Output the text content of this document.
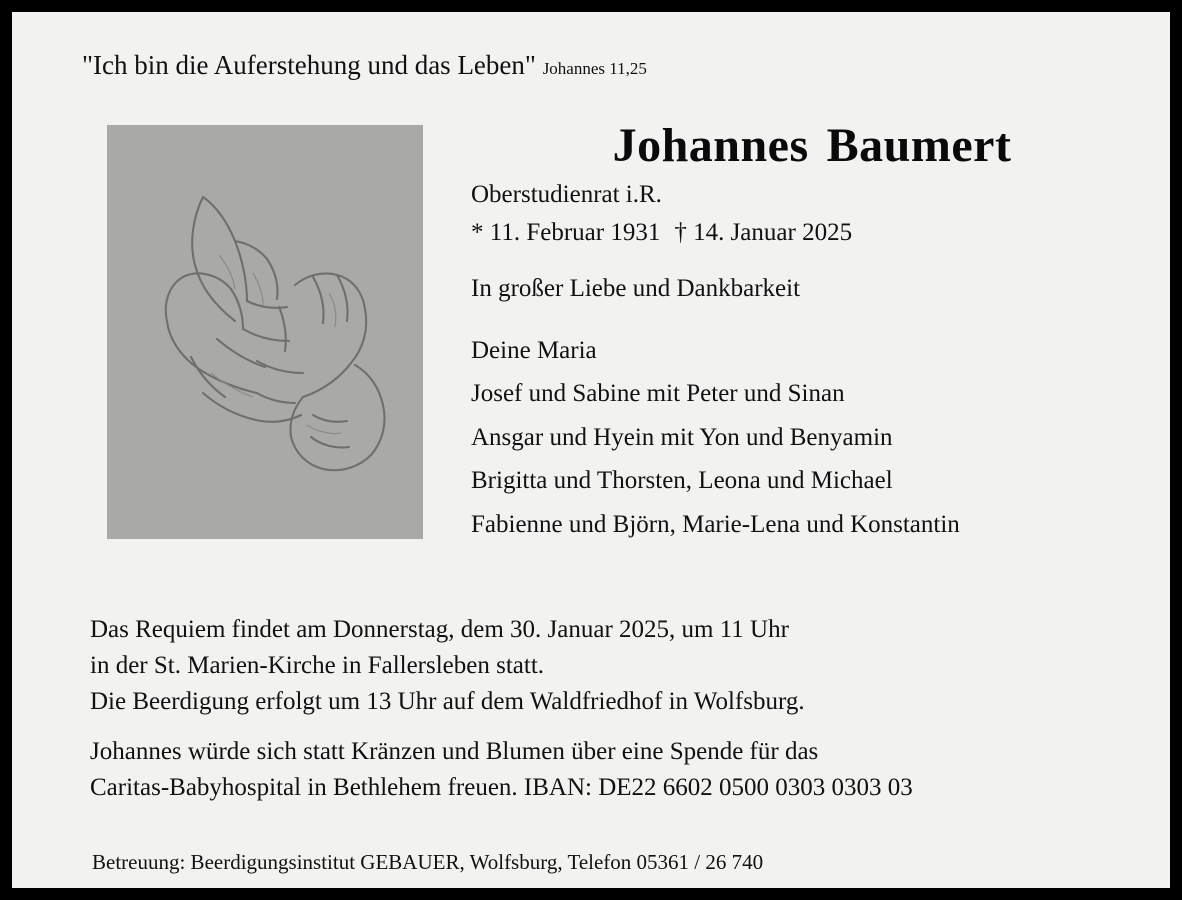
"Ich bin die Auferstehung und das Leben" Johannes 11,25
Johannes Baumert

Oberstudienrat i.R.

* 11. Februar 1931 † 14. Januar 2025

In großer Liebe und Dankbarkeit

Deine Maria
Josef und Sabine mit Peter und Sinan
Ansgar und Hyein mit Yon und Benyamin
Brigitta und Thorsten, Leona und Michael
Fabienne und Björn, Marie-Lena und Konstantin

Das Requiem findet am Donnerstag, dem 30. Januar 2025, um 11 Uhr

in der St. Marien-Kirche in Fallersleben statt.

Die Beerdigung erfolgt um 13 Uhr auf dem Waldfriedhof in Wolfsburg.

Johannes würde sich statt Kränzen und Blumen über eine Spende für das

Caritas-Babyhospital in Bethlehem freuen. IBAN: DE22 6602 0500 0303 0303 03

Betreuung: Beerdigungsinstitut GEBAUER, Wolfsburg, Telefon 05361 / 26 740
